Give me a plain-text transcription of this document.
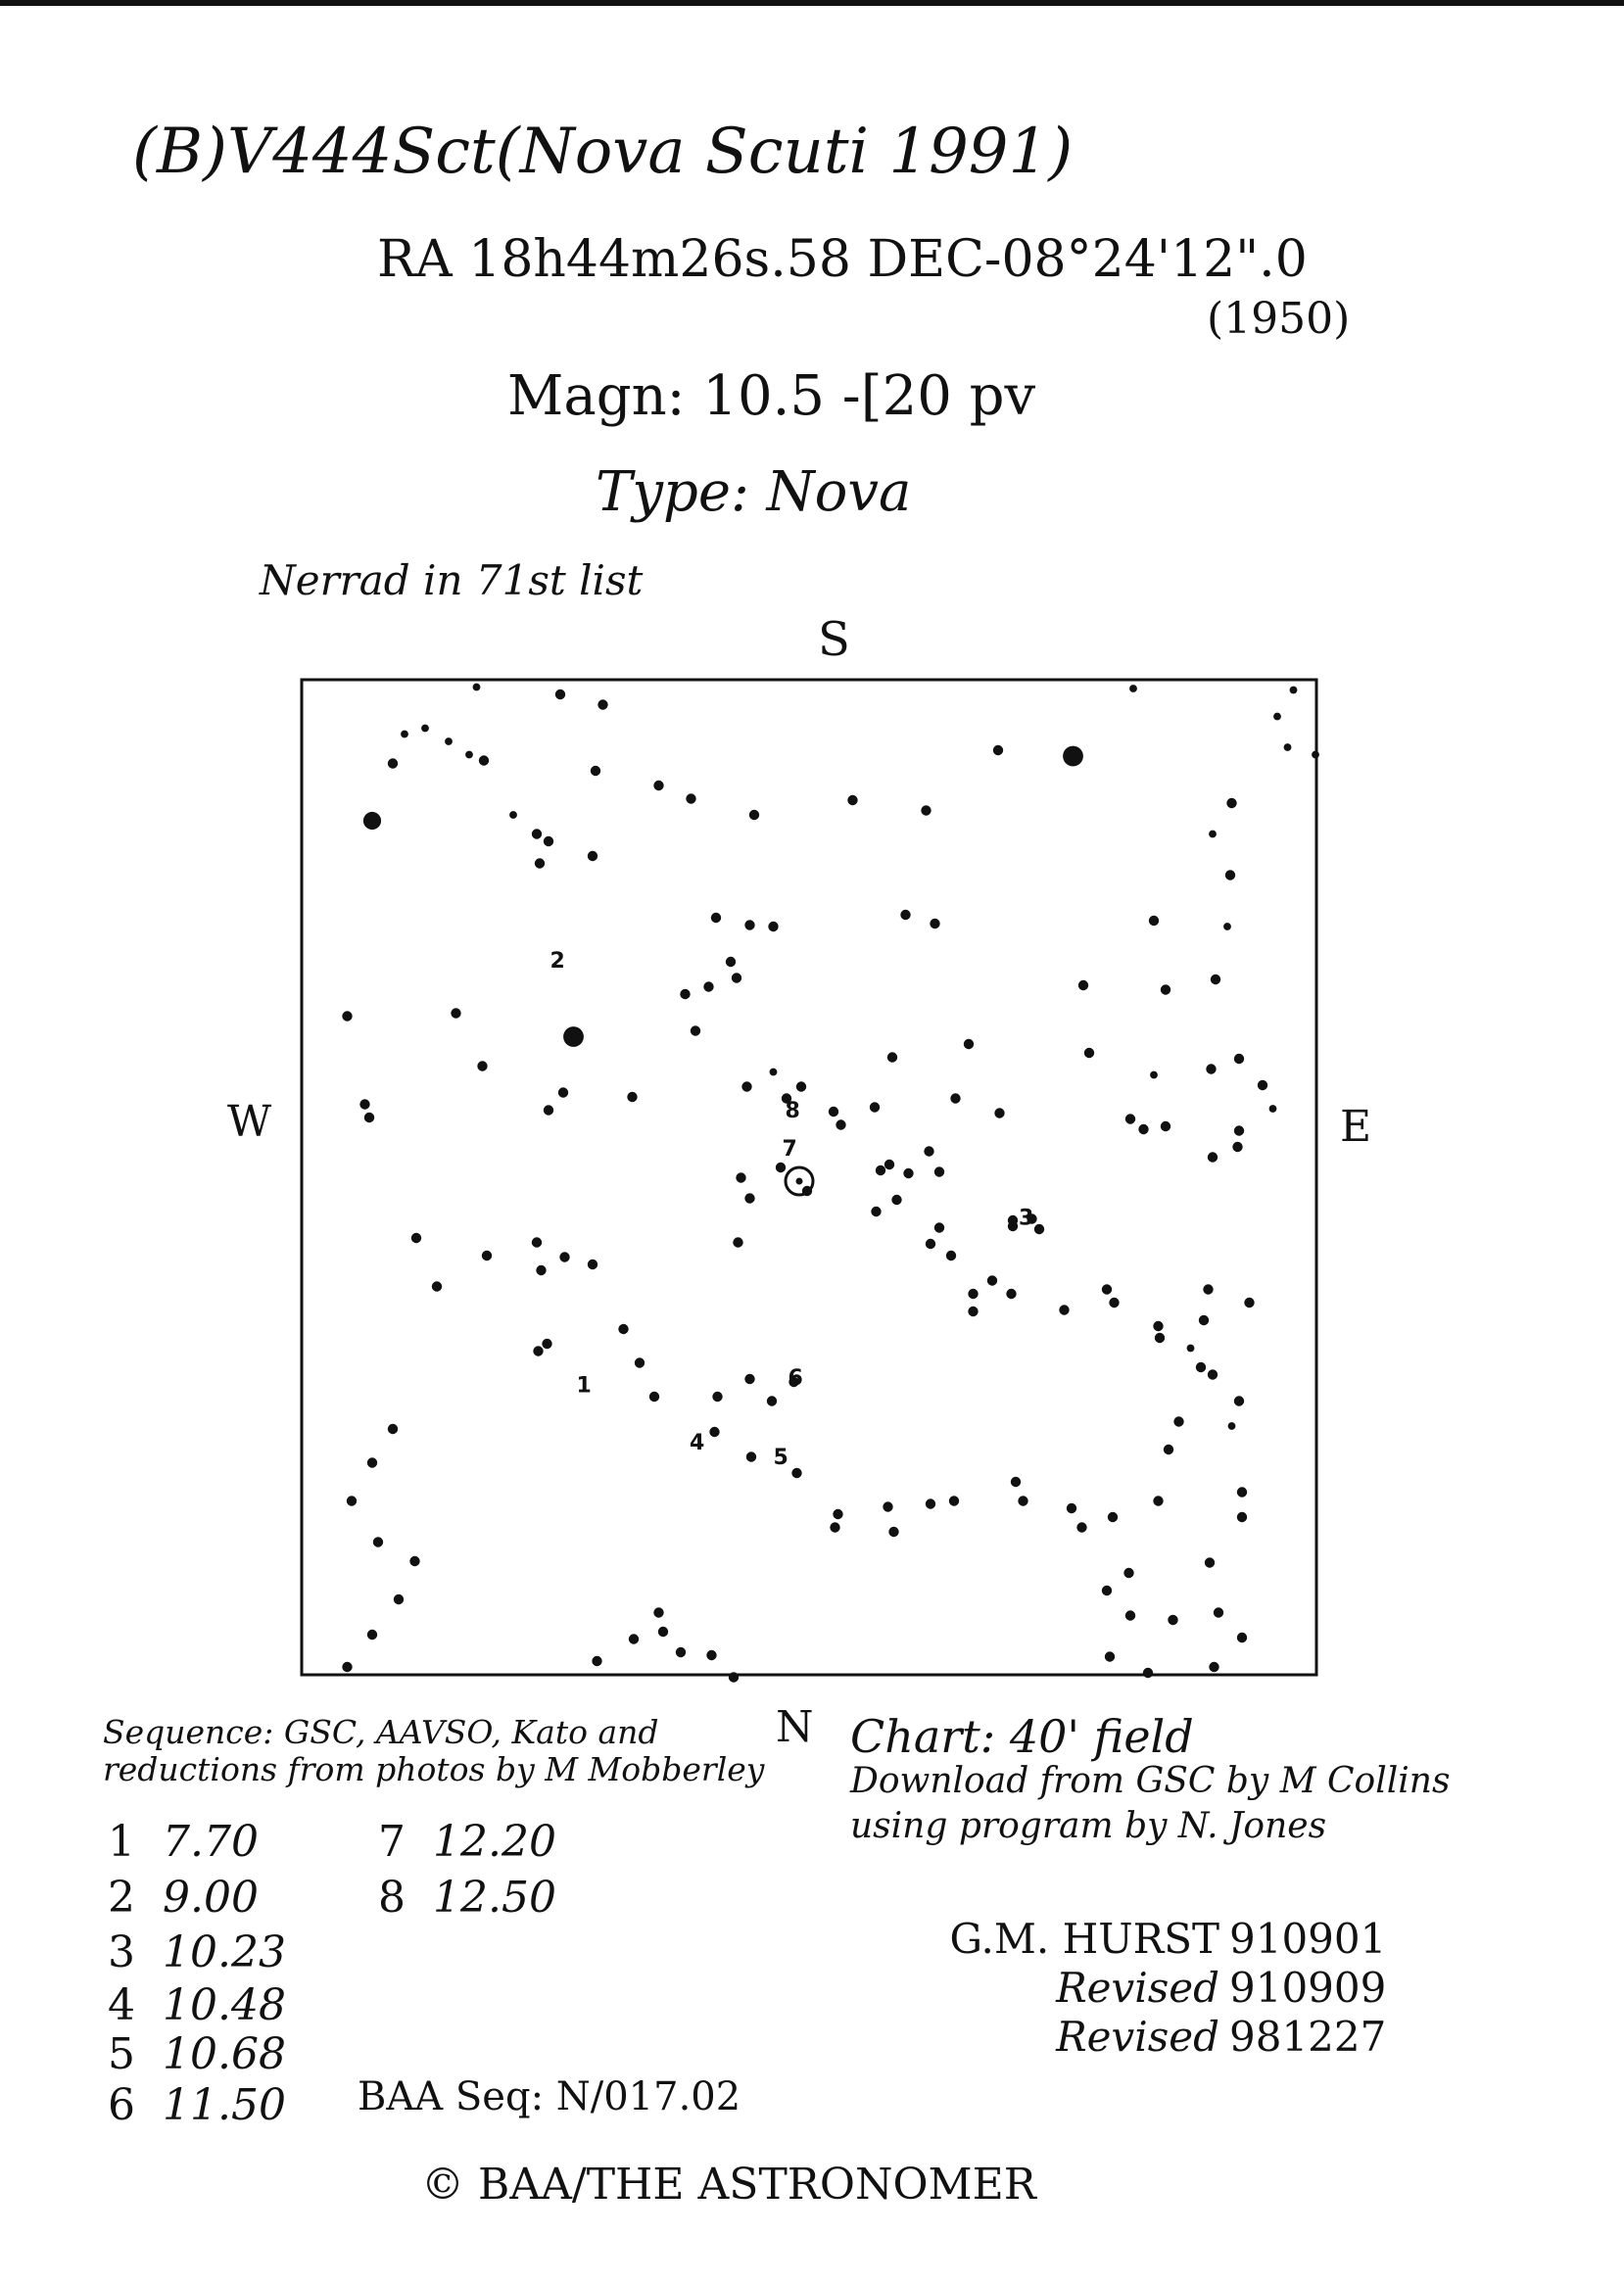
(B)V444Sct(Nova Scuti 1991)
RA 18h44m26s.58 DEC-08°24'12".0
(1950)
Magn: 10.5 -[20 pv
Type: Nova
Nerrad in 71st list
S
W	E
N
1
2
3
4
5
6
7
8
Sequence: GSC, AAVSO, Kato and reductions from photos by M Mobberley
1 7.70	7 12.20
2 9.00	8 12.50
3 10.23
4 10.48
5 10.68
6 11.50
Chart: 40' field
Download from GSC by M Collins
using program by N. Jones
G.M. HURST 910901
Revised 910909
Revised 981227
BAA Seq: N/017.02
© BAA/THE ASTRONOMER
